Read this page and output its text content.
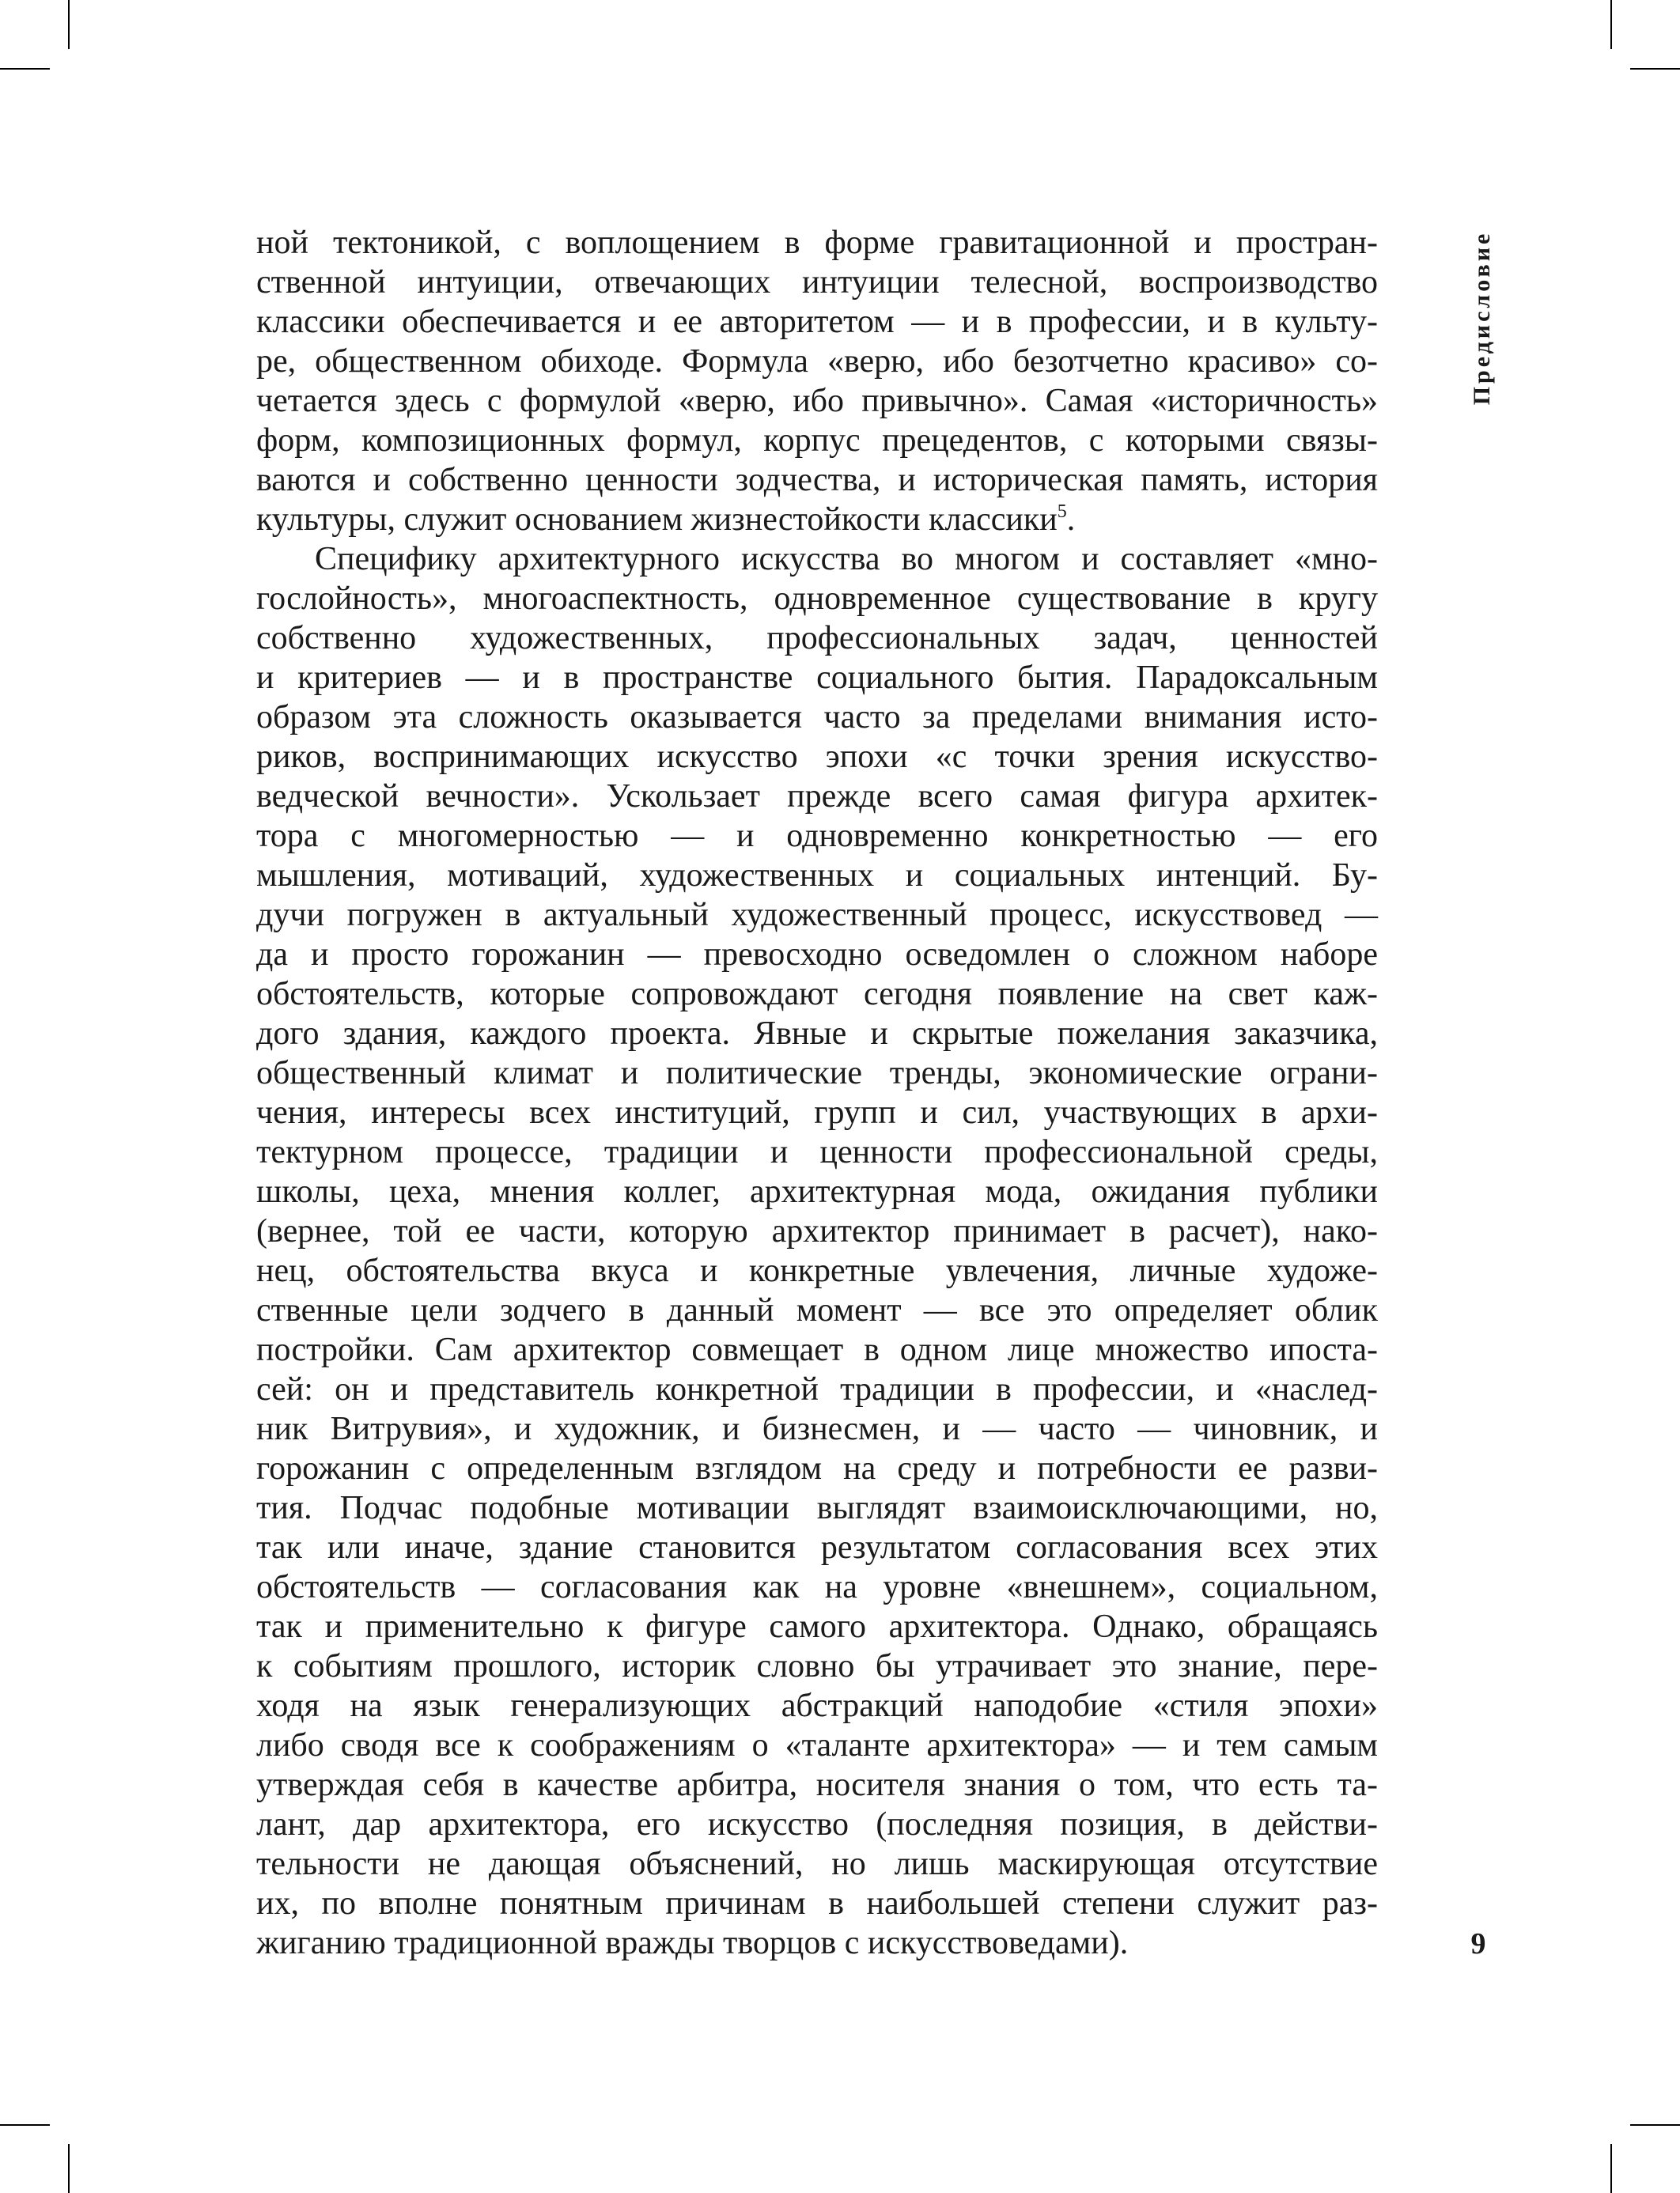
ной тектоникой, с воплощением в форме гравитационной и простран-
ственной интуиции, отвечающих интуиции телесной, воспроизводство
классики обеспечивается и ее авторитетом — и в профессии, и в культу-
ре, общественном обиходе. Формула «верю, ибо безотчетно красиво» со-
четается здесь с формулой «верю, ибо привычно». Самая «историчность»
форм, композиционных формул, корпус прецедентов, с которыми связы-
ваются и собственно ценности зодчества, и историческая память, история
культуры, служит основанием жизнестойкости классики$^5$.
Специфику архитектурного искусства во многом и составляет «мно-
гослойность», многоаспектность, одновременное существование в кругу
собственно художественных, профессиональных задач, ценностей
и критериев — и в пространстве социального бытия. Парадоксальным
образом эта сложность оказывается часто за пределами внимания исто-
риков, воспринимающих искусство эпохи «с точки зрения искусство-
ведческой вечности». Ускользает прежде всего самая фигура архитек-
тора с многомерностью — и одновременно конкретностью — его
мышления, мотиваций, художественных и социальных интенций. Бу-
дучи погружен в актуальный художественный процесс, искусствовед —
да и просто горожанин — превосходно осведомлен о сложном наборе
обстоятельств, которые сопровождают сегодня появление на свет каж-
дого здания, каждого проекта. Явные и скрытые пожелания заказчика,
общественный климат и политические тренды, экономические ограни-
чения, интересы всех институций, групп и сил, участвующих в архи-
тектурном процессе, традиции и ценности профессиональной среды,
школы, цеха, мнения коллег, архитектурная мода, ожидания публики
(вернее, той ее части, которую архитектор принимает в расчет), нако-
нец, обстоятельства вкуса и конкретные увлечения, личные художе-
ственные цели зодчего в данный момент — все это определяет облик
постройки. Сам архитектор совмещает в одном лице множество ипоста-
сей: он и представитель конкретной традиции в профессии, и «наслед-
ник Витрувия», и художник, и бизнесмен, и — часто — чиновник, и
горожанин с определенным взглядом на среду и потребности ее разви-
тия. Подчас подобные мотивации выглядят взаимоисключающими, но,
так или иначе, здание становится результатом согласования всех этих
обстоятельств — согласования как на уровне «внешнем», социальном,
так и применительно к фигуре самого архитектора. Однако, обращаясь
к событиям прошлого, историк словно бы утрачивает это знание, пере-
ходя на язык генерализующих абстракций наподобие «стиля эпохи»
либо сводя все к соображениям о «таланте архитектора» — и тем самым
утверждая себя в качестве арбитра, носителя знания о том, что есть та-
лант, дар архитектора, его искусство (последняя позиция, в действи-
тельности не дающая объяснений, но лишь маскирующая отсутствие
их, по вполне понятным причинам в наибольшей степени служит раз-
жиганию традиционной вражды творцов с искусствоведами).
Предисловие
9
